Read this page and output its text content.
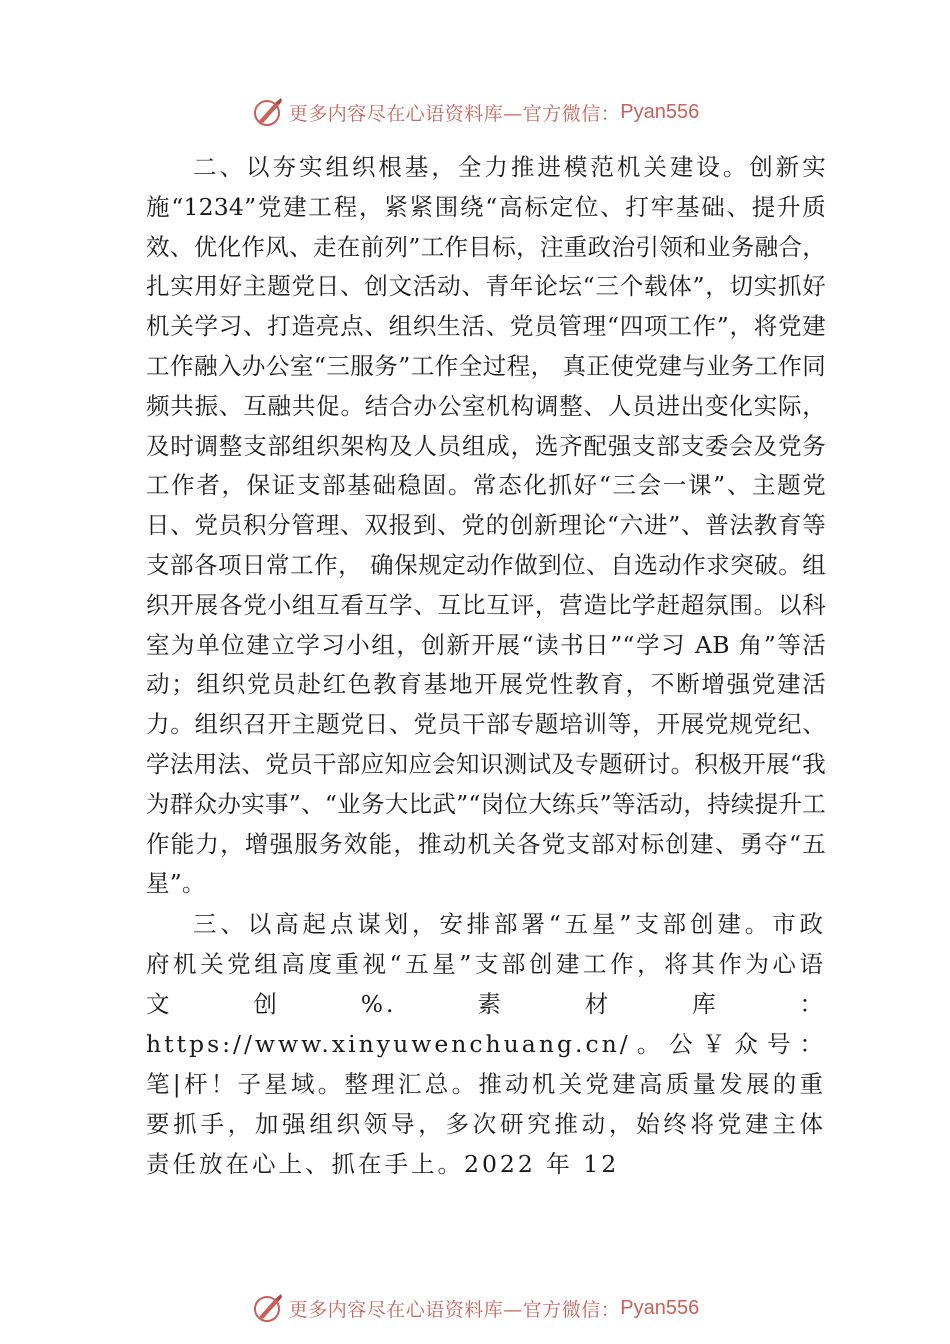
更多内容尽在心语资料库—官方微信： Pyan556

二、以夯实组织根基，全力推进模范机关建设。创新实施“1234”党建工程，紧紧围绕“高标定位、打牢基础、提升质效、优化作风、走在前列”工作目标，注重政治引领和业务融合，扎实用好主题党日、创文活动、青年论坛“三个载体”，切实抓好机关学习、打造亮点、组织生活、党员管理“四项工作”，将党建工作融入办公室“三服务”工作全过程， 真正使党建与业务工作同频共振、互融共促。结合办公室机构调整、人员进出变化实际，及时调整支部组织架构及人员组成，选齐配强支部支委会及党务工作者，保证支部基础稳固。常态化抓好“三会一课”、主题党日、党员积分管理、双报到、党的创新理论“六进”、普法教育等支部各项日常工作， 确保规定动作做到位、自选动作求突破。组织开展各党小组互看互学、互比互评，营造比学赶超氛围。以科室为单位建立学习小组，创新开展“读书日”“学习 AB 角”等活动；组织党员赴红色教育基地开展党性教育，不断增强党建活力。组织召开主题党日、党员干部专题培训等，开展党规党纪、学法用法、党员干部应知应会知识测试及专题研讨。积极开展“我为群众办实事”、“业务大比武”“岗位大练兵”等活动，持续提升工作能力，增强服务效能，推动机关各党支部对标创建、勇夺“五星”。

三、以高起点谋划，安排部署“五星”支部创建。市政府机关党组高度重视“五星”支部创建工作，将其作为心语文创%.素材库：https://www.xinyuwenchuang.cn/。公￥众号：笔|杆！子星域。整理汇总。推动机关党建高质量发展的重要抓手，加强组织领导，多次研究推动，始终将党建主体责任放在心上、抓在手上。2022 年 12

更多内容尽在心语资料库—官方微信： Pyan556
